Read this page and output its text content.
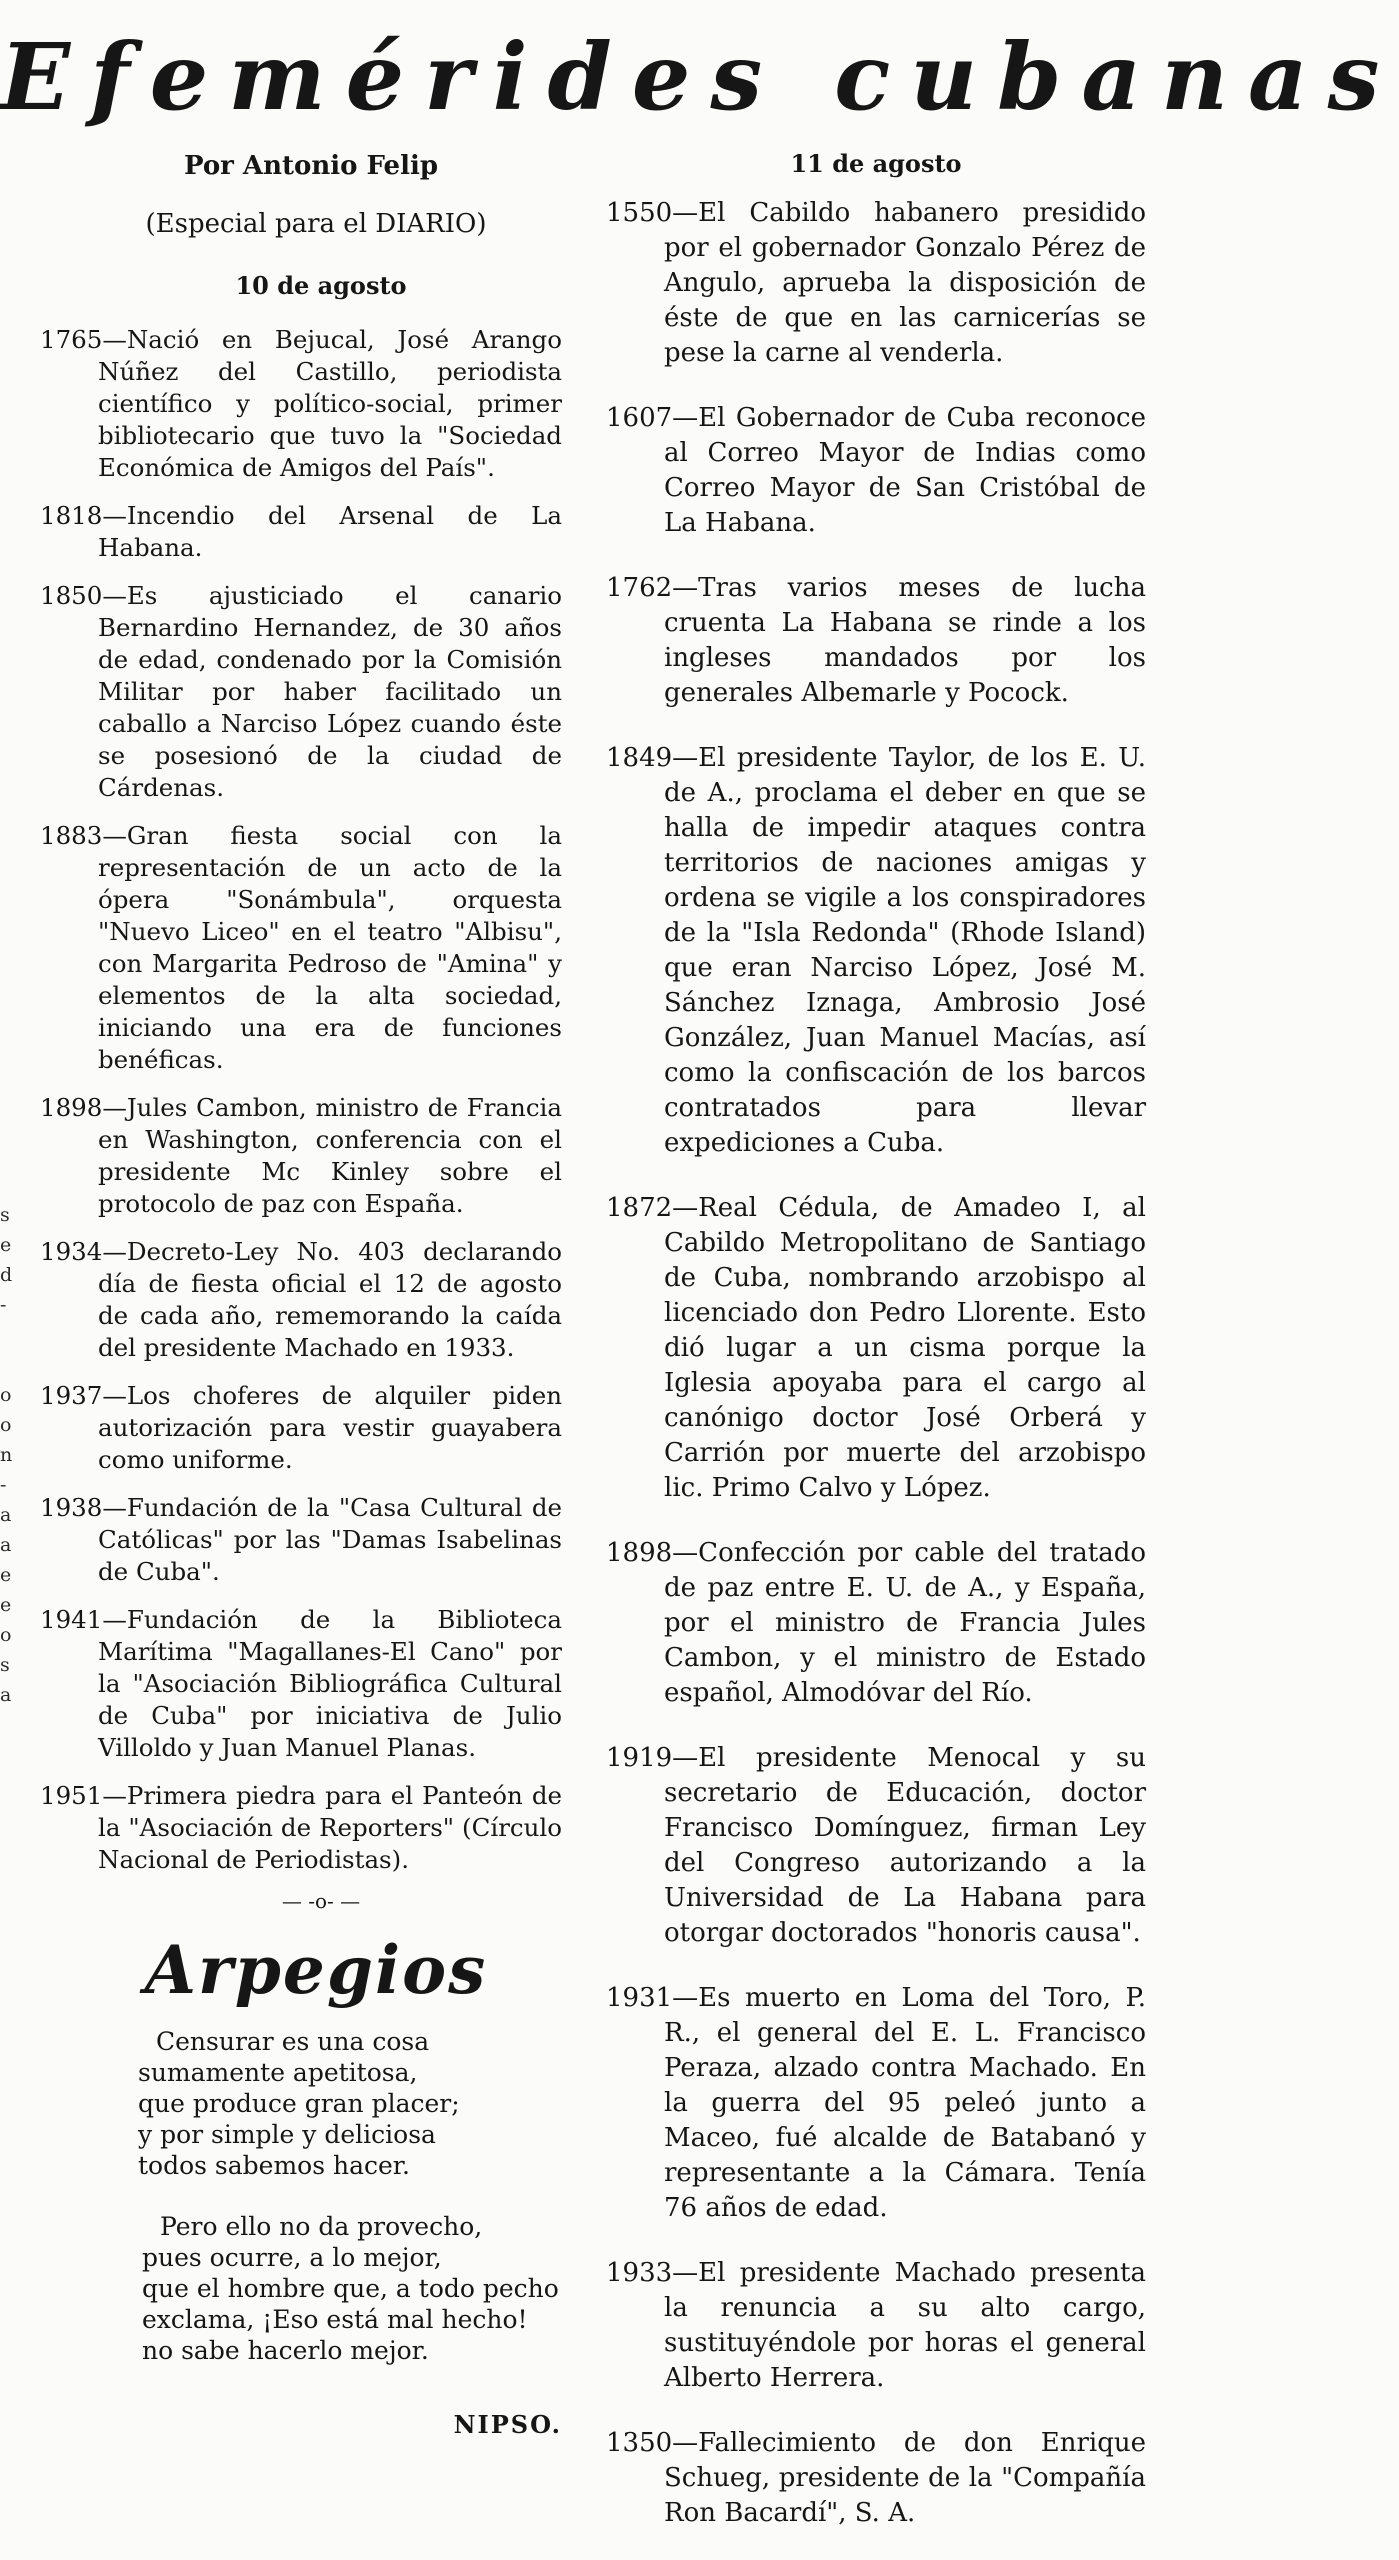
Efemérides cubanas
Por Antonio Felip
(Especial para el DIARIO)
10 de agosto

1765—Nació en Bejucal, José Arango Núñez del Castillo, periodista científico y político-social, primer bibliotecario que tuvo la "Sociedad Económica de Amigos del País".

1818—Incendio del Arsenal de La Habana.

1850—Es ajusticiado el canario Bernardino Hernandez, de 30 años de edad, condenado por la Comisión Militar por haber facilitado un caballo a Narciso López cuando éste se posesionó de la ciudad de Cárdenas.

1883—Gran fiesta social con la representación de un acto de la ópera "Sonámbula", orquesta "Nuevo Liceo" en el teatro "Albisu", con Margarita Pedroso de "Amina" y elementos de la alta sociedad, iniciando una era de funciones benéficas.

1898—Jules Cambon, ministro de Francia en Washington, conferencia con el presidente Mc Kinley sobre el protocolo de paz con España.

1934—Decreto-Ley No. 403 declarando día de fiesta oficial el 12 de agosto de cada año, rememorando la caída del presidente Machado en 1933.

1937—Los choferes de alquiler piden autorización para vestir guayabera como uniforme.

1938—Fundación de la "Casa Cultural de Católicas" por las "Damas Isabelinas de Cuba".

1941—Fundación de la Biblioteca Marítima "Magallanes-El Cano" por la "Asociación Bibliográfica Cultural de Cuba" por iniciativa de Julio Villoldo y Juan Manuel Planas.

1951—Primera piedra para el Panteón de la "Asociación de Reporters" (Círculo Nacional de Periodistas).

— -o- —
Arpegios
Censurar es una cosa
sumamente apetitosa,
que produce gran placer;
y por simple y deliciosa
todos sabemos hacer.
Pero ello no da provecho,
pues ocurre, a lo mejor,
que el hombre que, a todo pecho
exclama, ¡Eso está mal hecho!
no sabe hacerlo mejor.
NIPSO.
11 de agosto

1550—El Cabildo habanero presidido por el gobernador Gonzalo Pérez de Angulo, aprueba la disposición de éste de que en las carnicerías se pese la carne al venderla.

1607—El Gobernador de Cuba reconoce al Correo Mayor de Indias como Correo Mayor de San Cristóbal de La Habana.

1762—Tras varios meses de lucha cruenta La Habana se rinde a los ingleses mandados por los generales Albemarle y Pocock.

1849—El presidente Taylor, de los E. U. de A., proclama el deber en que se halla de impedir ataques contra territorios de naciones amigas y ordena se vigile a los conspiradores de la "Isla Redonda" (Rhode Island) que eran Narciso López, José M. Sánchez Iznaga, Ambrosio José González, Juan Manuel Macías, así como la confiscación de los barcos contratados para llevar expediciones a Cuba.

1872—Real Cédula, de Amadeo I, al Cabildo Metropolitano de Santiago de Cuba, nombrando arzobispo al licenciado don Pedro Llorente. Esto dió lugar a un cisma porque la Iglesia apoyaba para el cargo al canónigo doctor José Orberá y Carrión por muerte del arzobispo lic. Primo Calvo y López.

1898—Confección por cable del tratado de paz entre E. U. de A., y España, por el ministro de Francia Jules Cambon, y el ministro de Estado español, Almodóvar del Río.

1919—El presidente Menocal y su secretario de Educación, doctor Francisco Domínguez, firman Ley del Congreso autorizando a la Universidad de La Habana para otorgar doctorados "honoris causa".

1931—Es muerto en Loma del Toro, P. R., el general del E. L. Francisco Peraza, alzado contra Machado. En la guerra del 95 peleó junto a Maceo, fué alcalde de Batabanó y representante a la Cámara. Tenía 76 años de edad.

1933—El presidente Machado presenta la renuncia a su alto cargo, sustituyéndole por horas el general Alberto Herrera.

1350—Fallecimiento de don Enrique Schueg, presidente de la "Compañía Ron Bacardí", S. A.

s
e
d
-
o
o
n
-
a
a
e
e
o
s
a
